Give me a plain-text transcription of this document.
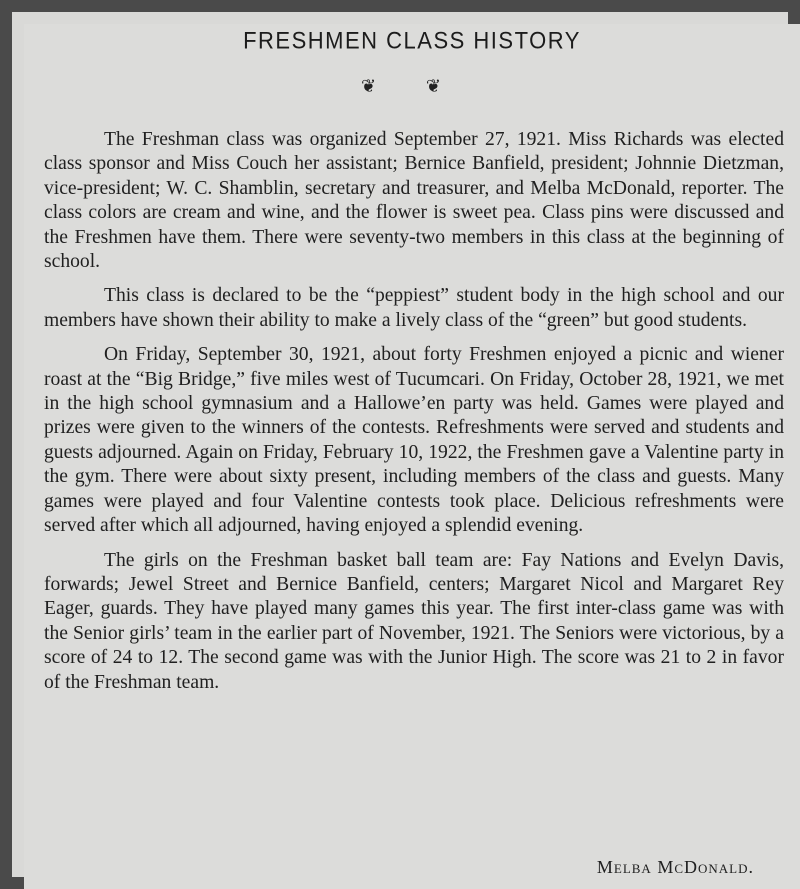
FRESHMEN CLASS HISTORY
❦ ❦

The Freshman class was organized September 27, 1921. Miss Richards was elected class sponsor and Miss Couch her assistant; Bernice Banfield, president; Johnnie Dietzman, vice-president; W. C. Shamblin, secretary and treasurer, and Melba McDonald, reporter. The class colors are cream and wine, and the flower is sweet pea. Class pins were discussed and the Freshmen have them. There were seventy-two members in this class at the beginning of school.

This class is declared to be the “peppiest” student body in the high school and our members have shown their ability to make a lively class of the “green” but good students.

On Friday, September 30, 1921, about forty Freshmen enjoyed a picnic and wiener roast at the “Big Bridge,” five miles west of Tucumcari. On Friday, October 28, 1921, we met in the high school gymnasium and a Hallowe’en party was held. Games were played and prizes were given to the winners of the contests. Refreshments were served and students and guests adjourned. Again on Friday, February 10, 1922, the Freshmen gave a Valentine party in the gym. There were about sixty present, including members of the class and guests. Many games were played and four Valentine contests took place. Delicious refreshments were served after which all adjourned, having enjoyed a splendid evening.

The girls on the Freshman basket ball team are: Fay Nations and Evelyn Davis, forwards; Jewel Street and Bernice Banfield, centers; Margaret Nicol and Margaret Rey Eager, guards. They have played many games this year. The first inter-class game was with the Senior girls’ team in the earlier part of November, 1921. The Seniors were victorious, by a score of 24 to 12. The second game was with the Junior High. The score was 21 to 2 in favor of the Freshman team.

Melba McDonald.
